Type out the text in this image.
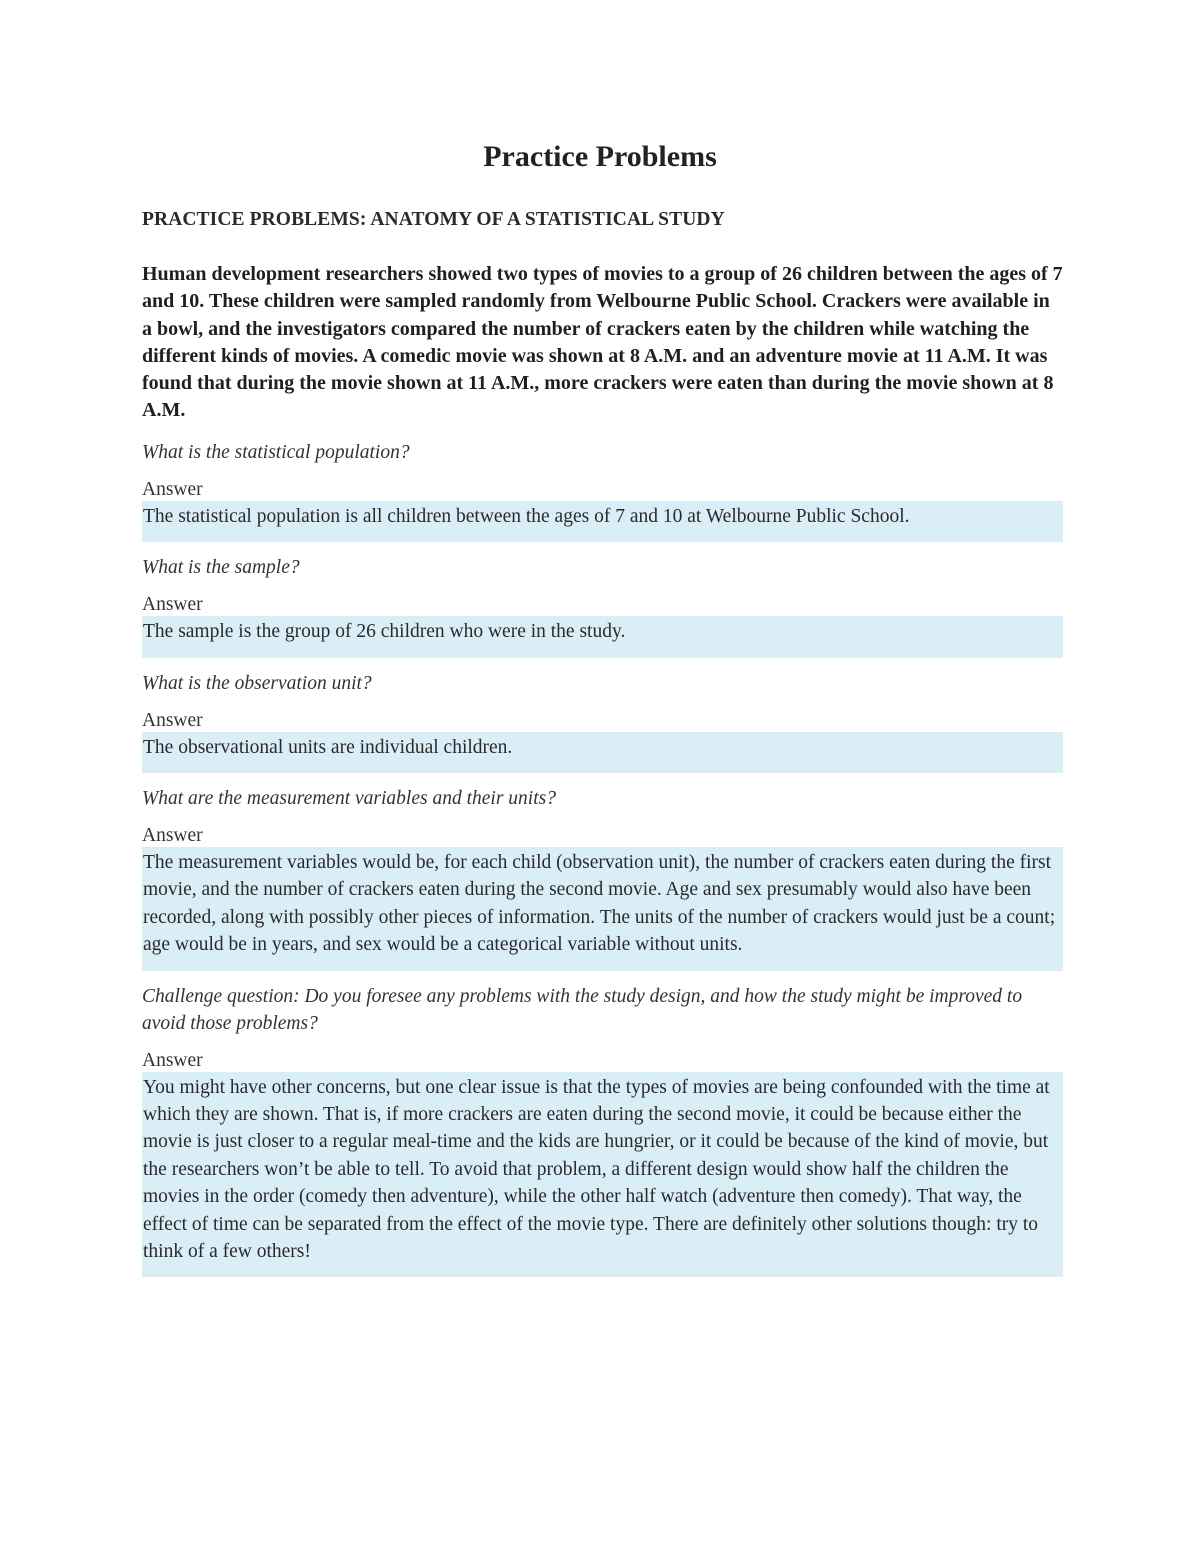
Practice Problems
PRACTICE PROBLEMS: ANATOMY OF A STATISTICAL STUDY

Human development researchers showed two types of movies to a group of 26 children between the ages of 7 and 10. These children were sampled randomly from Welbourne Public School. Crackers were available in a bowl, and the investigators compared the number of crackers eaten by the children while watching the different kinds of movies. A comedic movie was shown at 8 A.M. and an adventure movie at 11 A.M. It was found that during the movie shown at 11 A.M., more crackers were eaten than during the movie shown at 8 A.M.

What is the statistical population?

Answer

The statistical population is all children between the ages of 7 and 10 at Welbourne Public School.

What is the sample?

Answer

The sample is the group of 26 children who were in the study.

What is the observation unit?

Answer

The observational units are individual children.

What are the measurement variables and their units?

Answer

The measurement variables would be, for each child (observation unit), the number of crackers eaten during the first movie, and the number of crackers eaten during the second movie. Age and sex presumably would also have been recorded, along with possibly other pieces of information. The units of the number of crackers would just be a count; age would be in years, and sex would be a categorical variable without units.

Challenge question: Do you foresee any problems with the study design, and how the study might be improved to avoid those problems?

Answer

You might have other concerns, but one clear issue is that the types of movies are being confounded with the time at which they are shown. That is, if more crackers are eaten during the second movie, it could be because either the movie is just closer to a regular meal-time and the kids are hungrier, or it could be because of the kind of movie, but the researchers won’t be able to tell. To avoid that problem, a different design would show half the children the movies in the order (comedy then adventure), while the other half watch (adventure then comedy). That way, the effect of time can be separated from the effect of the movie type. There are definitely other solutions though: try to think of a few others!
